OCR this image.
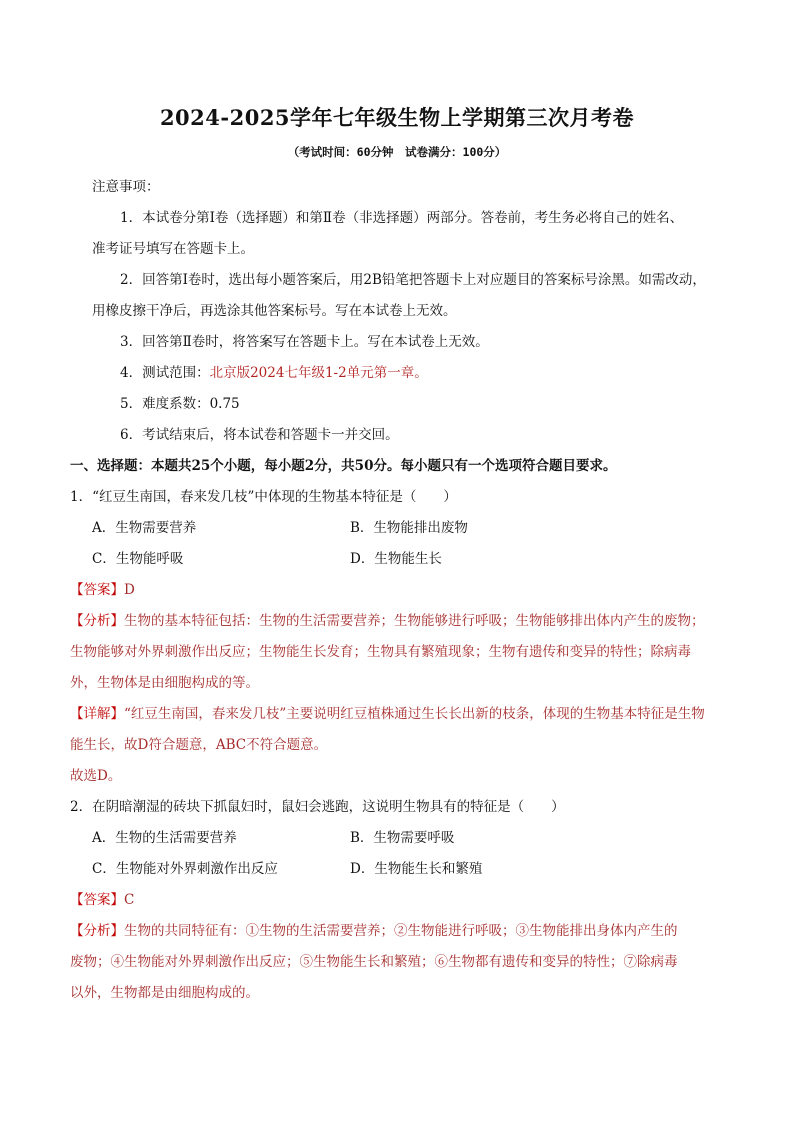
2024-2025学年七年级生物上学期第三次月考卷
（考试时间：60分钟　试卷满分：100分）
注意事项：
1．本试卷分第Ⅰ卷（选择题）和第Ⅱ卷（非选择题）两部分。答卷前，考生务必将自己的姓名、
准考证号填写在答题卡上。
2．回答第Ⅰ卷时，选出每小题答案后，用2B铅笔把答题卡上对应题目的答案标号涂黑。如需改动，
用橡皮擦干净后，再选涂其他答案标号。写在本试卷上无效。
3．回答第Ⅱ卷时，将答案写在答题卡上。写在本试卷上无效。
4．测试范围：北京版2024七年级1-2单元第一章。
5．难度系数：0.75
6．考试结束后，将本试卷和答题卡一并交回。
一、选择题：本题共25个小题，每小题2分，共50分。每小题只有一个选项符合题目要求。
1．“红豆生南国，春来发几枝”中体现的生物基本特征是（　　）
A．生物需要营养	B．生物能排出废物
C．生物能呼吸	D．生物能生长
【答案】D
【分析】生物的基本特征包括：生物的生活需要营养；生物能够进行呼吸；生物能够排出体内产生的废物；
生物能够对外界刺激作出反应；生物能生长发育；生物具有繁殖现象；生物有遗传和变异的特性；除病毒
外，生物体是由细胞构成的等。
【详解】“红豆生南国，春来发几枝”主要说明红豆植株通过生长长出新的枝条，体现的生物基本特征是生物
能生长，故D符合题意，ABC不符合题意。
故选D。
2．在阴暗潮湿的砖块下抓鼠妇时，鼠妇会逃跑，这说明生物具有的特征是（　　）
A．生物的生活需要营养	B．生物需要呼吸
C．生物能对外界刺激作出反应	D．生物能生长和繁殖
【答案】C
【分析】生物的共同特征有：①生物的生活需要营养；②生物能进行呼吸；③生物能排出身体内产生的
废物；④生物能对外界刺激作出反应；⑤生物能生长和繁殖；⑥生物都有遗传和变异的特性；⑦除病毒
以外，生物都是由细胞构成的。
